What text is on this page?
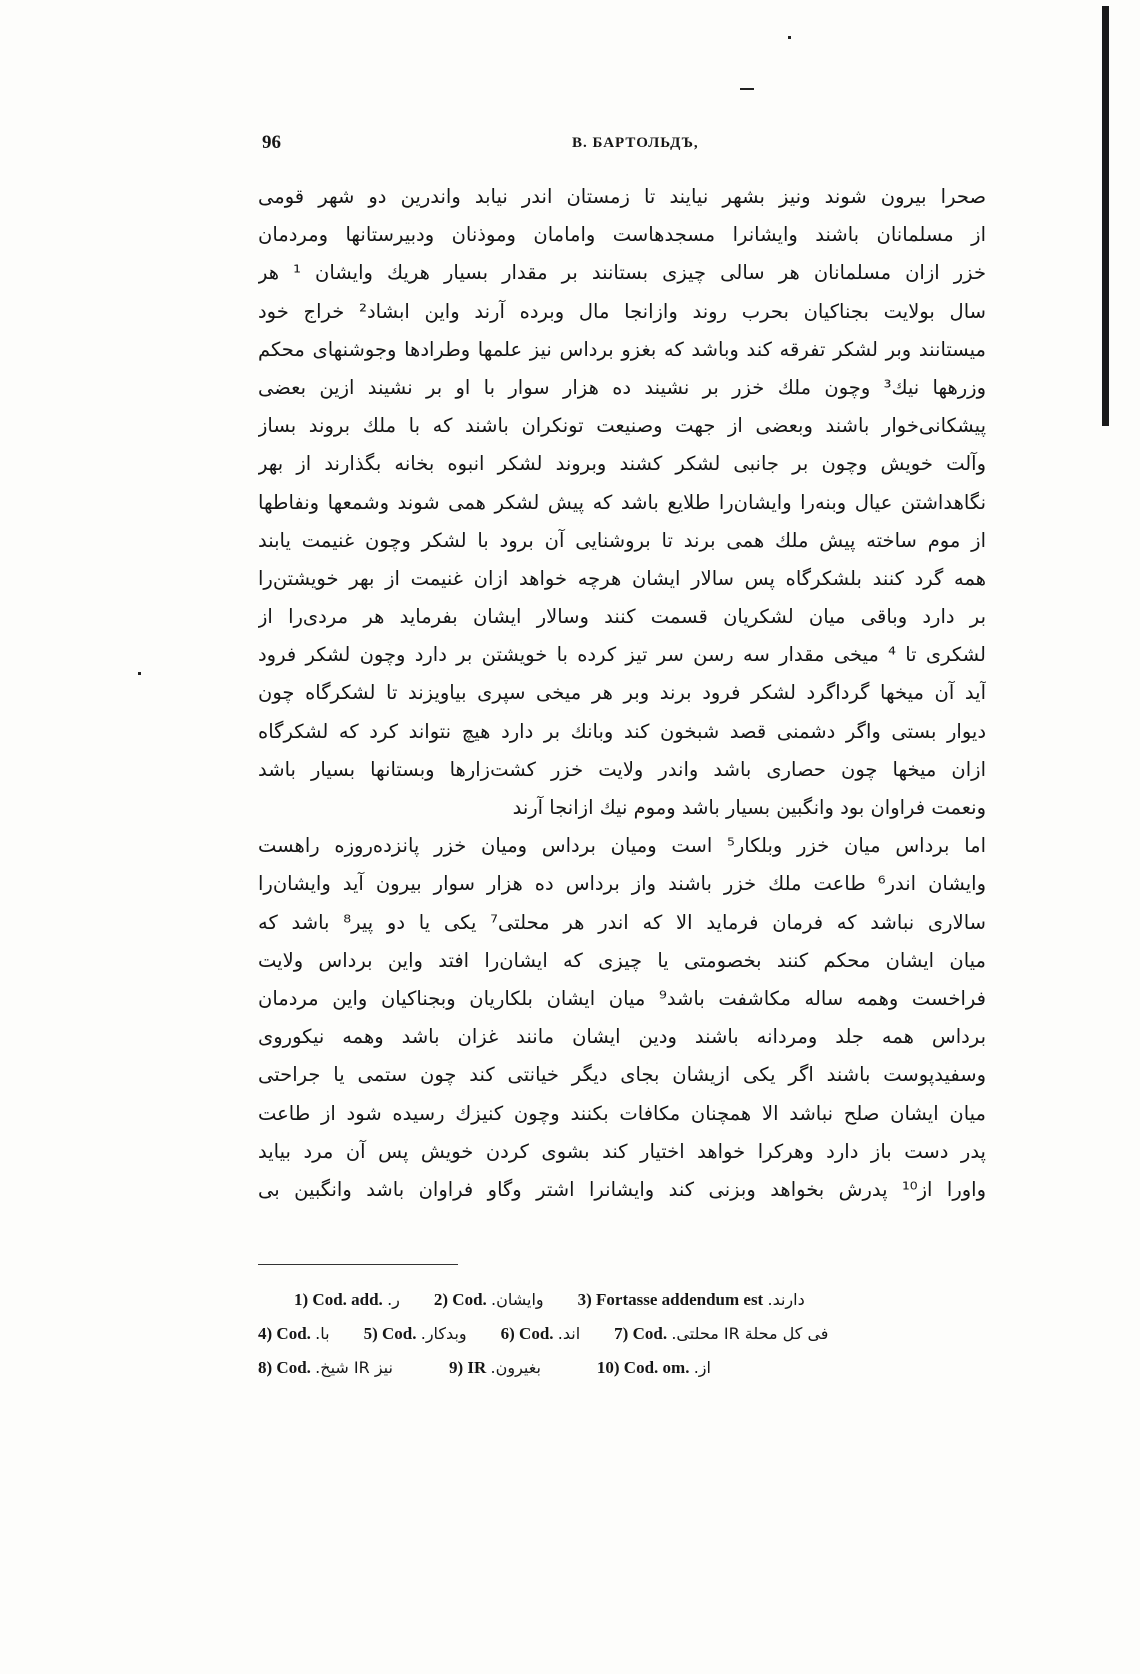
96	В. БАРТОЛЬДЪ,
صحرا بیرون شوند ونیز بشهر نیایند تا زمستان اندر نیابد واندرین دو شهر قومی
از مسلمانان باشند وایشانرا مسجدهاست وامامان وموذنان ودبیرستانها ومردمان
خزر ازان مسلمانان هر سالی چیزی بستانند بر مقدار بسیار هریك وایشان ¹ هر
سال بولایت بجناکیان بحرب روند وازانجا مال وبرده آرند واین ابشاد² خراج خود
میستانند وبر لشکر تفرقه کند وباشد که بغزو برداس نیز علمها وطرادها وجوشنهای محکم
وزرهها نیك³ وچون ملك خزر بر نشیند ده هزار سوار با او بر نشیند ازین بعضی
پیشکانی‌خوار باشند وبعضی از جهت وصنیعت تونکران باشند که با ملك بروند بساز
وآلت خویش وچون بر جانبی لشکر کشند وبروند لشکر انبوه بخانه بگذارند از بهر
نگاهداشتن عیال وبنه‌را وایشان‌را طلایع باشد که پیش لشکر همی شوند وشمعها ونفاطها
از موم ساخته پیش ملك همی برند تا بروشنایی آن برود با لشکر وچون غنیمت یابند
همه گرد کنند بلشکرگاه پس سالار ایشان هرچه خواهد ازان غنیمت از بهر خویشتن‌را
بر دارد وباقی میان لشکریان قسمت کنند وسالار ایشان بفرماید هر مردی‌را از
لشکری تا ⁴ میخی مقدار سه رسن سر تیز کرده با خویشتن بر دارد وچون لشکر فرود
آید آن میخها گرداگرد لشکر فرود برند وبر هر میخی سپری بیاویزند تا لشکرگاه چون
دیوار بستی واگر دشمنی قصد شبخون کند وبانك بر دارد هیچ نتواند کرد که لشکرگاه
ازان میخها چون حصاری باشد واندر ولایت خزر کشت‌زارها وبستانها بسیار باشد
ونعمت فراوان بود وانگبین بسیار باشد وموم نیك ازانجا آرند
اما برداس میان خزر وبلکار⁵ است ومیان برداس ومیان خزر پانزده‌روزه راهست
وایشان اندر⁶ طاعت ملك خزر باشند واز برداس ده هزار سوار بیرون آید وایشان‌را
سالاری نباشد که فرمان فرماید الا که اندر هر محلتی⁷ یکی یا دو پیر⁸ باشد که
میان ایشان محکم کنند بخصومتی یا چیزی که ایشان‌را افتد واین برداس ولایت
فراخست وهمه ساله مکاشفت باشد⁹ میان ایشان بلکاریان وبجناکیان واین مردمان
برداس همه جلد ومردانه باشند ودین ایشان مانند غزان باشد وهمه نیکوروی
وسفیدپوست باشند اگر یکی ازیشان بجای دیگر خیانتی کند چون ستمی یا جراحتی
میان ایشان صلح نباشد الا همچنان مکافات بکنند وچون کنیزك رسیده شود از طاعت
پدر دست باز دارد وهرکرا خواهد اختیار کند بشوی کردن خویش پس آن مرد بیاید
واورا از¹⁰ پدرش بخواهد وبزنی کند وایشانرا اشتر وگاو فراوان باشد وانگبین بی
1) Cod. add. ر. 2) Cod. وایشان. 3) Fortasse addendum est دارند.
4) Cod. با. 5) Cod. وبدکار. 6) Cod. اند. 7) Cod. فی کل محلة IR محلتی.
8) Cod. نیز IR شیخ.	9) IR بغیرون.	10) Cod. om. از.
